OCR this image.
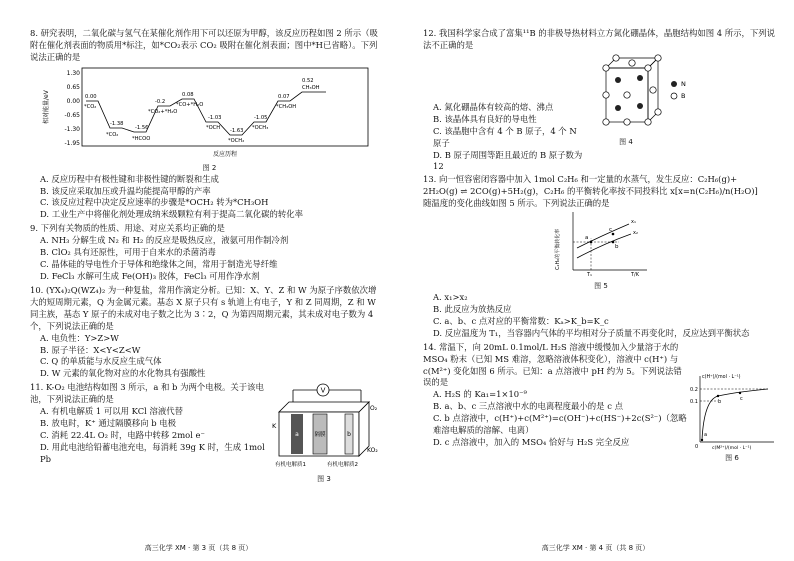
8. 研究表明，二氧化碳与氢气在某催化剂作用下可以还原为甲醇，该反应历程如图 2 所示（吸附在催化剂表面的物质用*标注，如*CO₂表示 CO₂ 吸附在催化剂表面；图中*H已省略）。下列说法正确的是

相对能量/eV
1.30
0.65
0.00
-0.65
-1.30
-1.95
0.00
*CO₂
-1.38
*CO₂
-1.56
*HCOO
-0.2
*CO₂+*H₂O
0.08
*CO+*H₂O
-1.03
*OCH -1.63
*OCH₂
-1.05
*OCH₃
0.07
*CH₃OH
0.52
CH₃OH
反应历程
图 2
A. 反应历程中有极性键和非极性键的断裂和生成
B. 该反应采取加压或升温均能提高甲醇的产率
C. 该反应过程中决定反应速率的步骤是*OCH₂ 转为*CH₃OH
D. 工业生产中将催化剂处理成纳米级颗粒有利于提高二氧化碳的转化率

9. 下列有关物质的性质、用途、对应关系均正确的是

A. NH₃ 分解生成 N₂ 和 H₂ 的反应是吸热反应，液氨可用作制冷剂
B. ClO₂ 具有还原性，可用于自来水的杀菌消毒
C. 晶体硅的导电性介于导体和绝缘体之间，常用于制造光导纤维
D. FeCl₃ 水解可生成 Fe(OH)₃ 胶体，FeCl₃ 可用作净水剂

10. (YX₄)₂Q(WZ₄)₂ 为一种复盐，常用作滴定分析。已知：X、Y、Z 和 W 为原子序数依次增大的短周期元素，Q 为金属元素。基态 X 原子只有 s 轨道上有电子，Y 和 Z 同周期，Z 和 W 同主族，基态 Y 原子的未成对电子数之比为 3∶2，Q 为第四周期元素，其未成对电子数为 4 个，下列说法正确的是

A. 电负性：Y>Z>W
B. 原子半径：X<Y<Z<W
C. Q 的单质能与水反应生成气体
D. W 元素的氧化物对应的水化物具有强酸性

11. K-O₂ 电池结构如图 3 所示，a 和 b 为两个电极。关于该电池，下列说法正确的是

A. 有机电解质 1 可以用 KCl 溶液代替
B. 放电时，K⁺ 通过隔膜移向 b 电极
C. 消耗 22.4L O₂ 时，电路中转移 2mol e⁻
D. 用此电池给铅蓄电池充电，每消耗 39g K 时，生成 1mol Pb
V
a	隔膜	b
K
O₂
KO₂
有机电解质1	有机电解质2
图 3
高三化学 XM · 第 3 页（共 8 页）

12. 我国科学家合成了富集¹¹B 的非极导热材料立方氮化硼晶体，晶胞结构如图 4 所示，下列说法不正确的是

A. 氮化硼晶体有较高的熔、沸点
B. 该晶体具有良好的导电性
C. 该晶胞中含有 4 个 B 原子，4 个 N 原子
D. B 原子周围等距且最近的 B 原子数为 12
N
B
图 4

13. 向一恒容密闭容器中加入 1mol C₂H₆ 和一定量的水蒸气，发生反应：C₂H₆(g)+

2H₂O(g) ⇌ 2CO(g)+5H₂(g)，C₂H₆ 的平衡转化率按不同投料比 x[x=n(C₂H₆)/n(H₂O)]

随温度的变化曲线如图 5 所示。下列说法正确的是

C₂H₆的平衡转化率	a
c
b
x₁
x₂
T₁	T/K
图 5
A. x₁>x₂
B. 此反应为放热反应
C. a、b、c 点对应的平衡常数：Kₐ>K_b=K_c
D. 反应温度为 T₁，当容器内气体的平均相对分子质量不再变化时，反应达到平衡状态

14. 常温下，向 20mL 0.1mol/L H₂S 溶液中缓慢加入少量溶于水的 MSO₄ 粉末（已知 MS 难溶，忽略溶液体积变化），溶液中 c(H⁺) 与 c(M²⁺) 变化如图 6 所示。已知：a 点溶液中 pH 约为 5。下列说法错误的是

A. H₂S 的 Ka₁=1×10⁻⁹
B. a、b、c 三点溶液中水的电离程度最小的是 c 点
C. b 点溶液中，c(H⁺)+c(M²⁺)=c(OH⁻)+c(HS⁻)+2c(S²⁻)（忽略难溶电解质的溶解、电离）
D. c 点溶液中，加入的 MSO₄ 恰好与 H₂S 完全反应
c(H⁺)/(mol · L⁻¹)
0.2
0.1
a
b	c
0	c(M²⁺)/(mol · L⁻¹)
图 6
高三化学 XM · 第 4 页（共 8 页）
